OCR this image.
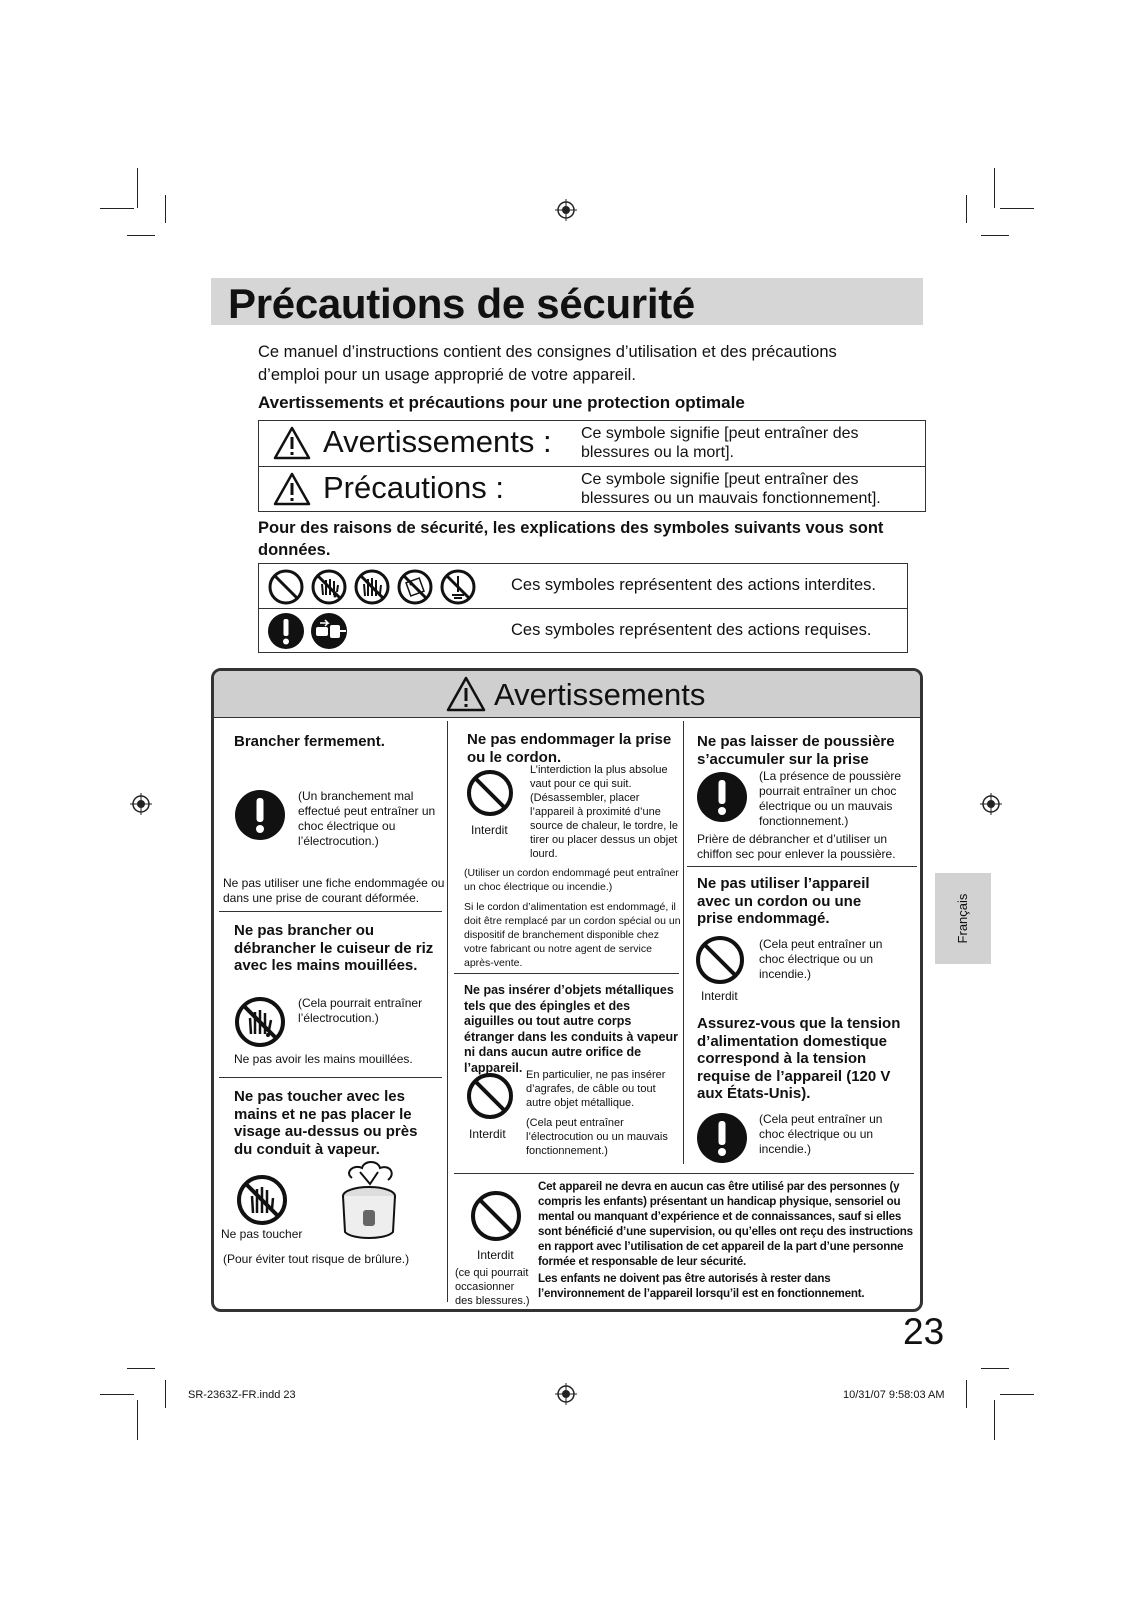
Précautions de sécurité
Ce manuel d’instructions contient des consignes d’utilisation et des précautions d’emploi pour un usage approprié de votre appareil.
Avertissements et précautions pour une protection optimale
Avertissements : Ce symbole signifie [peut entraîner des blessures ou la mort].
Précautions :	Ce symbole signifie [peut entraîner des blessures ou un mauvais fonctionnement].
Pour des raisons de sécurité, les explications des symboles suivants vous sont données.
Ces symboles représentent des actions interdites.
Ces symboles représentent des actions requises.
Avertissements
Brancher fermement.
(Un branchement mal effectué peut entraîner un choc électrique ou l’électrocution.)
Ne pas utiliser une fiche endommagée ou dans une prise de courant déformée.
Ne pas brancher ou débrancher le cuiseur de riz avec les mains mouillées.
(Cela pourrait entraîner l’électrocution.)
Ne pas avoir les mains mouillées.
Ne pas toucher avec les mains et ne pas placer le visage au-dessus ou près du conduit à vapeur.
Ne pas toucher
(Pour éviter tout risque de brûlure.)
Ne pas endommager la prise ou le cordon.
Interdit
L’interdiction la plus absolue vaut pour ce qui suit. (Désassembler, placer l’appareil à proximité d’une source de chaleur, le tordre, le tirer ou placer dessus un objet lourd.
(Utiliser un cordon endommagé peut entraîner un choc électrique ou incendie.)
Si le cordon d’alimentation est endommagé, il doit être remplacé par un cordon spécial ou un dispositif de branchement disponible chez votre fabricant ou notre agent de service après-vente.
Ne pas insérer d’objets métalliques tels que des épingles et des aiguilles ou tout autre corps étranger dans les conduits à vapeur ni dans aucun autre orifice de l’appareil.
Interdit
En particulier, ne pas insérer d’agrafes, de câble ou tout autre objet métallique.
(Cela peut entraîner l’électrocution ou un mauvais fonctionnement.)
Ne pas laisser de poussière s’accumuler sur la prise
(La présence de poussière pourrait entraîner un choc électrique ou un mauvais fonctionnement.)
Prière de débrancher et d’utiliser un chiffon sec pour enlever la poussière.
Ne pas utiliser l’appareil avec un cordon ou une prise endommagé.
Interdit
(Cela peut entraîner un choc électrique ou un incendie.)
Assurez-vous que la tension d’alimentation domestique correspond à la tension requise de l’appareil (120 V aux États-Unis).
(Cela peut entraîner un choc électrique ou un incendie.)
Interdit
(ce qui pourrait occasionner des blessures.)
Cet appareil ne devra en aucun cas être utilisé par des personnes (y compris les enfants) présentant un handicap physique, sensoriel ou mental ou manquant d’expérience et de connaissances, sauf si elles sont bénéficié d’une supervision, ou qu’elles ont reçu des instructions en rapport avec l’utilisation de cet appareil de la part d’une personne formée et responsable de leur sécurité.
Les enfants ne doivent pas être autorisés à rester dans l’environnement de l’appareil lorsqu’il est en fonctionnement.
Français
23
SR-2363Z-FR.indd 23	10/31/07 9:58:03 AM
